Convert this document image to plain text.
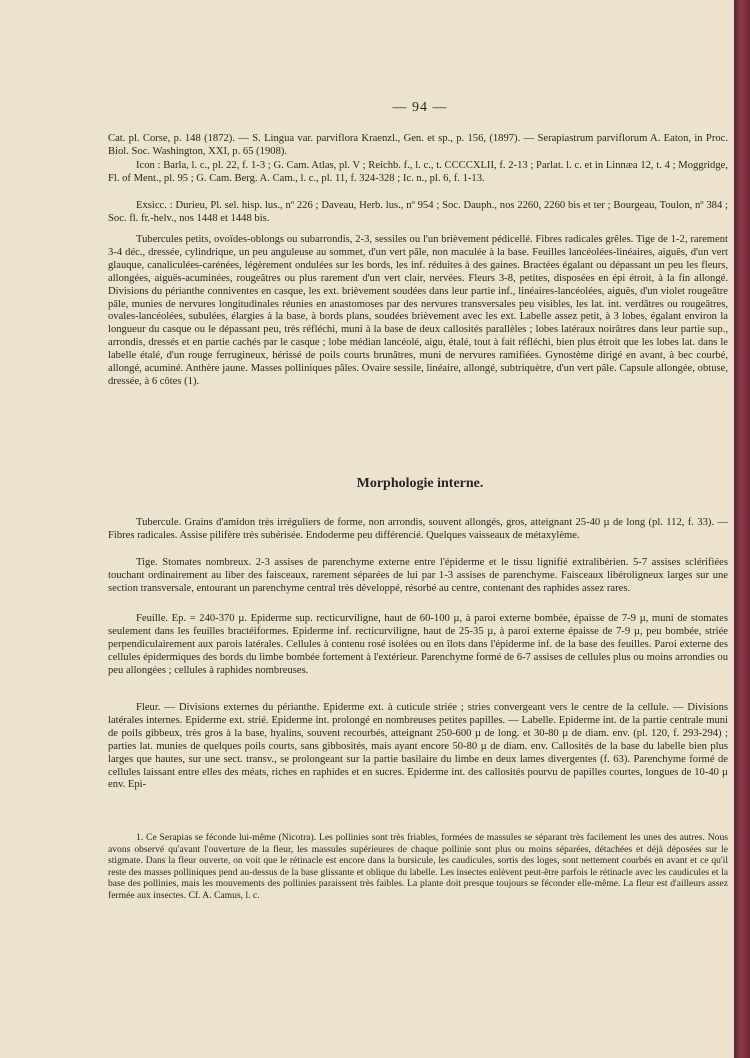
— 94 —

Cat. pl. Corse, p. 148 (1872). — S. Lingua var. parviflora Kraenzl., Gen. et sp., p. 156, (1897). — Serapiastrum parviflorum A. Eaton, in Proc. Biol. Soc. Washington, XXI, p. 65 (1908).

Icon : Barla, l. c., pl. 22, f. 1-3 ; G. Cam. Atlas, pl. V ; Reichb. f., l. c., t. CCCCXLII, f. 2-13 ; Parlat. l. c. et in Linnæa 12, t. 4 ; Moggridge, Fl. of Ment., pl. 95 ; G. Cam. Berg. A. Cam., l. c., pl. 11, f. 324-328 ; Ic. n., pl. 6, f. 1-13.

Exsicc. : Durieu, Pl. sel. hisp. lus., nº 226 ; Daveau, Herb. lus., nº 954 ; Soc. Dauph., nos 2260, 2260 bis et ter ; Bourgeau, Toulon, nº 384 ; Soc. fl. fr.-helv., nos 1448 et 1448 bis.

Tubercules petits, ovoïdes-oblongs ou subarrondis, 2-3, sessiles ou l'un brièvement pédicellé. Fibres radicales grêles. Tige de 1-2, rarement 3-4 déc., dressée, cylindrique, un peu anguleuse au sommet, d'un vert pâle, non maculée à la base. Feuilles lancéolées-linéaires, aiguës, d'un vert glauque, canaliculées-carénées, légèrement ondulées sur les bords, les inf. réduites à des gaines. Bractées égalant ou dépassant un peu les fleurs, allongées, aiguës-acuminées, rougeâtres ou plus rarement d'un vert clair, nervées. Fleurs 3-8, petites, disposées en épi étroit, à la fin allongé. Divisions du périanthe conniventes en casque, les ext. brièvement soudées dans leur partie inf., linéaires-lancéolées, aiguës, d'un violet rougeâtre pâle, munies de nervures longitudinales réunies en anastomoses par des nervures transversales peu visibles, les lat. int. verdâtres ou rougeâtres, ovales-lancéolées, subulées, élargies à la base, à bords plans, soudées brièvement avec les ext. Labelle assez petit, à 3 lobes, égalant environ la longueur du casque ou le dépassant peu, très réfléchi, muni à la base de deux callosités parallèles ; lobes latéraux noirâtres dans leur partie sup., arrondis, dressés et en partie cachés par le casque ; lobe médian lancéolé, aigu, étalé, tout à fait réfléchi, bien plus étroit que les lobes lat. dans le labelle étalé, d'un rouge ferrugineux, hérissé de poils courts brunâtres, muni de nervures ramifiées. Gynostème dirigé en avant, à bec courbé, allongé, acuminé. Anthère jaune. Masses polliniques pâles. Ovaire sessile, linéaire, allongé, subtriquètre, d'un vert pâle. Capsule allongée, obtuse, dressée, à 6 côtes (1).

Morphologie interne.

Tubercule. Grains d'amidon très irréguliers de forme, non arrondis, souvent allongés, gros, atteignant 25-40 µ de long (pl. 112, f. 33). — Fibres radicales. Assise pilifère très subérisée. Endoderme peu différencié. Quelques vaisseaux de métaxylème.

Tige. Stomates nombreux. 2-3 assises de parenchyme externe entre l'épiderme et le tissu lignifié extralibérien. 5-7 assises sclérifiées touchant ordinairement au liber des faisceaux, rarement séparées de lui par 1-3 assises de parenchyme. Faisceaux libéroligneux larges sur une section transversale, entourant un parenchyme central très développé, résorbé au centre, contenant des raphides assez rares.

Feuille. Ep. = 240-370 µ. Epiderme sup. recticurviligne, haut de 60-100 µ, à paroi externe bombée, épaisse de 7-9 µ, muni de stomates seulement dans les feuilles bractéiformes. Epiderme inf. recticurviligne, haut de 25-35 µ, à paroi externe épaisse de 7-9 µ, peu bombée, striée perpendiculairement aux parois latérales. Cellules à contenu rosé isolées ou en îlots dans l'épiderme inf. de la base des feuilles. Paroi externe des cellules épidermiques des bords du limbe bombée fortement à l'extérieur. Parenchyme formé de 6-7 assises de cellules plus ou moins arrondies ou peu allongées ; cellules à raphides nombreuses.

Fleur. — Divisions externes du périanthe. Epiderme ext. à cuticule striée ; stries convergeant vers le centre de la cellule. — Divisions latérales internes. Epiderme ext. strié. Epiderme int. prolongé en nombreuses petites papilles. — Labelle. Epiderme int. de la partie centrale muni de poils gibbeux, très gros à la base, hyalins, souvent recourbés, atteignant 250-600 µ de long. et 30-80 µ de diam. env. (pl. 120, f. 293-294) ; parties lat. munies de quelques poils courts, sans gibbosités, mais ayant encore 50-80 µ de diam. env. Callosités de la base du labelle bien plus larges que hautes, sur une sect. transv., se prolongeant sur la partie basilaire du limbe en deux lames divergentes (f. 63). Parenchyme formé de cellules laissant entre elles des méats, riches en raphides et en sucres. Epiderme int. des callosités pourvu de papilles courtes, longues de 10-40 µ env. Epi-

1. Ce Serapias se féconde lui-même (Nicotra). Les pollinies sont très friables, formées de massules se séparant très facilement les unes des autres. Nous avons observé qu'avant l'ouverture de la fleur, les massules supérieures de chaque pollinie sont plus ou moins séparées, détachées et déjà déposées sur le stigmate. Dans la fleur ouverte, on voit que le rétinacle est encore dans la bursicule, les caudicules, sortis des loges, sont nettement courbés en avant et ce qu'il reste des masses polliniques pend au-dessus de la base glissante et oblique du labelle. Les insectes enlèvent peut-être parfois le rétinacle avec les caudicules et la base des pollinies, mais les mouvements des pollinies paraissent très faibles. La plante doit presque toujours se féconder elle-même. La fleur est d'ailleurs assez fermée aux insectes. Cf. A. Camus, l. c.
